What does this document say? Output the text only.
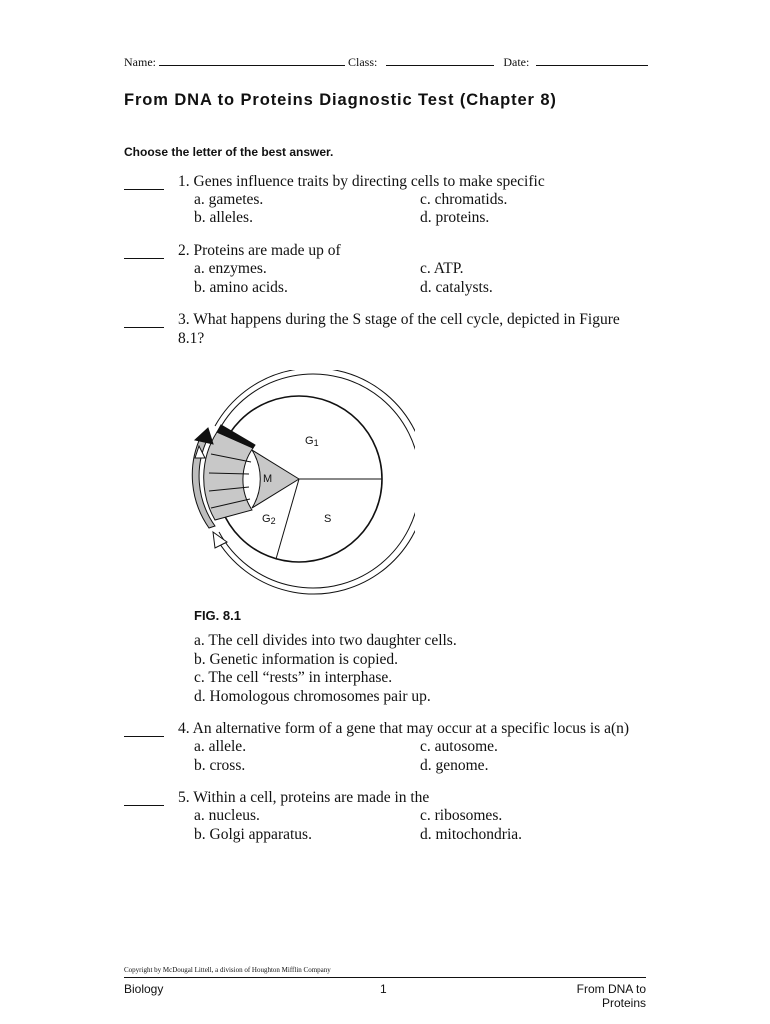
Name:	Class:	Date:
From DNA to Proteins Diagnostic Test (Chapter 8)
Choose the letter of the best answer.
1. Genes influence traits by directing cells to make specific
a. gametes.	c. chromatids.
b. alleles.	d. proteins.
2. Proteins are made up of
a. enzymes.	c. ATP.
b. amino acids.	d. catalysts.
3. What happens during the S stage of the cell cycle, depicted in Figure 8.1?
G1
M
G2	S
FIG. 8.1
a. The cell divides into two daughter cells.
b. Genetic information is copied.
c. The cell “rests” in interphase.
d. Homologous chromosomes pair up.
4. An alternative form of a gene that may occur at a specific locus is a(n)
a. allele.	c. autosome.
b. cross.	d. genome.
5. Within a cell, proteins are made in the
a. nucleus.	c. ribosomes.
b. Golgi apparatus.	d. mitochondria.
Copyright by McDougal Littell, a division of Houghton Mifflin Company
Biology	1	From DNA to Proteins
